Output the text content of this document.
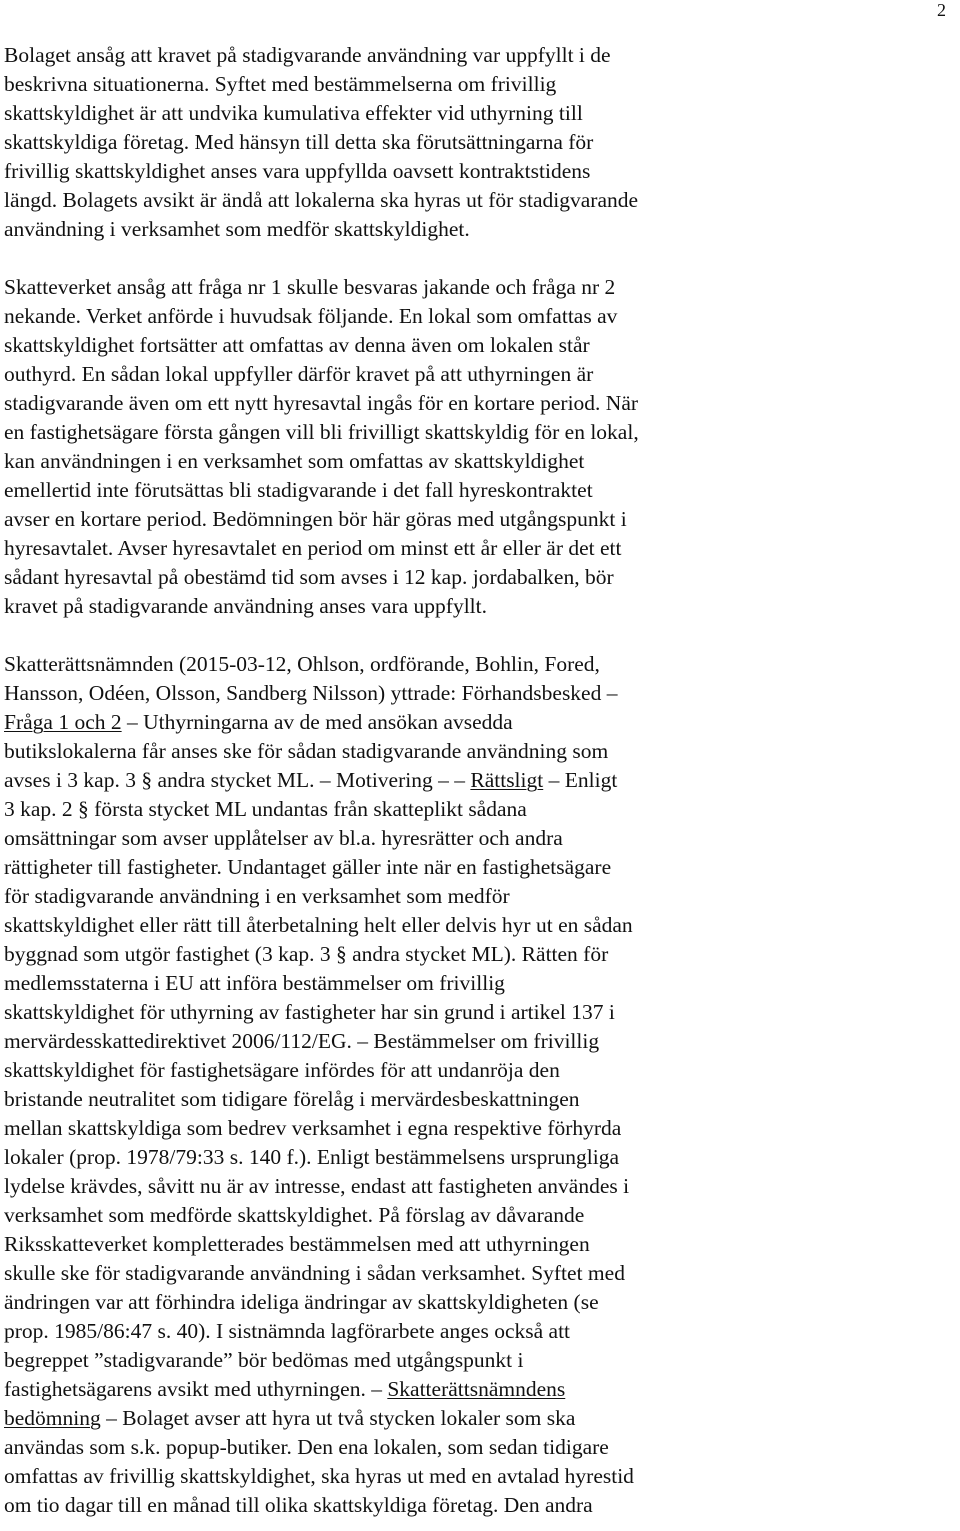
2
Bolaget ansåg att kravet på stadigvarande användning var uppfyllt i de
beskrivna situationerna. Syftet med bestämmelserna om frivillig
skattskyldighet är att undvika kumulativa effekter vid uthyrning till
skattskyldiga företag. Med hänsyn till detta ska förutsättningarna för
frivillig skattskyldighet anses vara uppfyllda oavsett kontraktstidens
längd. Bolagets avsikt är ändå att lokalerna ska hyras ut för stadigvarande
användning i verksamhet som medför skattskyldighet.
Skatteverket ansåg att fråga nr 1 skulle besvaras jakande och fråga nr 2
nekande. Verket anförde i huvudsak följande. En lokal som omfattas av
skattskyldighet fortsätter att omfattas av denna även om lokalen står
outhyrd. En sådan lokal uppfyller därför kravet på att uthyrningen är
stadigvarande även om ett nytt hyresavtal ingås för en kortare period. När
en fastighetsägare första gången vill bli frivilligt skattskyldig för en lokal,
kan användningen i en verksamhet som omfattas av skattskyldighet
emellertid inte förutsättas bli stadigvarande i det fall hyreskontraktet
avser en kortare period. Bedömningen bör här göras med utgångspunkt i
hyresavtalet. Avser hyresavtalet en period om minst ett år eller är det ett
sådant hyresavtal på obestämd tid som avses i 12 kap. jordabalken, bör
kravet på stadigvarande användning anses vara uppfyllt.
Skatterättsnämnden (2015-03-12, Ohlson, ordförande, Bohlin, Fored,
Hansson, Odéen, Olsson, Sandberg Nilsson) yttrade: Förhandsbesked –
Fråga 1 och 2 – Uthyrningarna av de med ansökan avsedda
butikslokalerna får anses ske för sådan stadigvarande användning som
avses i 3 kap. 3 § andra stycket ML. – Motivering – – Rättsligt – Enligt
3 kap. 2 § första stycket ML undantas från skatteplikt sådana
omsättningar som avser upplåtelser av bl.a. hyresrätter och andra
rättigheter till fastigheter. Undantaget gäller inte när en fastighetsägare
för stadigvarande användning i en verksamhet som medför
skattskyldighet eller rätt till återbetalning helt eller delvis hyr ut en sådan
byggnad som utgör fastighet (3 kap. 3 § andra stycket ML). Rätten för
medlemsstaterna i EU att införa bestämmelser om frivillig
skattskyldighet för uthyrning av fastigheter har sin grund i artikel 137 i
mervärdesskattedirektivet 2006/112/EG. – Bestämmelser om frivillig
skattskyldighet för fastighetsägare infördes för att undanröja den
bristande neutralitet som tidigare förelåg i mervärdesbeskattningen
mellan skattskyldiga som bedrev verksamhet i egna respektive förhyrda
lokaler (prop. 1978/79:33 s. 140 f.). Enligt bestämmelsens ursprungliga
lydelse krävdes, såvitt nu är av intresse, endast att fastigheten användes i
verksamhet som medförde skattskyldighet. På förslag av dåvarande
Riksskatteverket kompletterades bestämmelsen med att uthyrningen
skulle ske för stadigvarande användning i sådan verksamhet. Syftet med
ändringen var att förhindra ideliga ändringar av skattskyldigheten (se
prop. 1985/86:47 s. 40). I sistnämnda lagförarbete anges också att
begreppet ”stadigvarande” bör bedömas med utgångspunkt i
fastighetsägarens avsikt med uthyrningen. – Skatterättsnämndens
bedömning – Bolaget avser att hyra ut två stycken lokaler som ska
användas som s.k. popup-butiker. Den ena lokalen, som sedan tidigare
omfattas av frivillig skattskyldighet, ska hyras ut med en avtalad hyrestid
om tio dagar till en månad till olika skattskyldiga företag. Den andra
